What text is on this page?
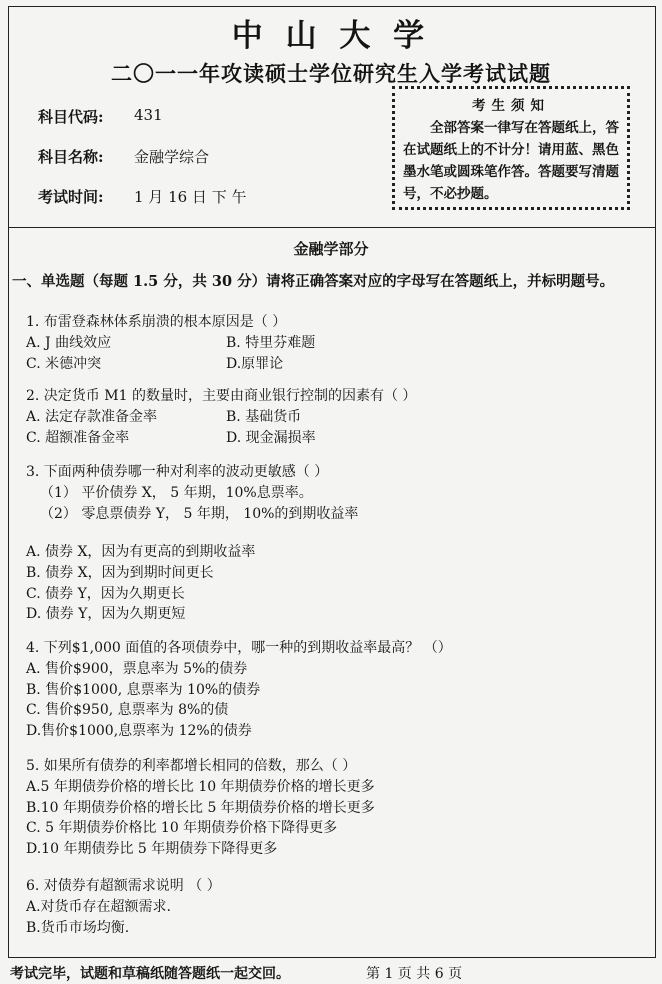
中 山 大 学
二〇一一年攻读硕士学位研究生入学考试试题
科目代码:	431
科目名称:	金融学综合
考试时间:	1 月 16 日 下 午
考生须知
全部答案一律写在答题纸上，答在试题纸上的不计分！请用蓝、黑色墨水笔或圆珠笔作答。答题要写清题号，不必抄题。
金融学部分
一、单选题（每题 1.5 分，共 30 分）请将正确答案对应的字母写在答题纸上，并标明题号。
1. 布雷登森林体系崩溃的根本原因是（ ）
A. J 曲线效应	B. 特里芬难题
C. 米德冲突	D.原罪论
2. 决定货币 M1 的数量时，主要由商业银行控制的因素有（ ）
A. 法定存款准备金率	B. 基础货币
C. 超额准备金率	D. 现金漏损率
3. 下面两种债券哪一种对利率的波动更敏感（ ）
（1） 平价债券 X， 5 年期，10%息票率。
（2） 零息票债券 Y， 5 年期， 10%的到期收益率
A. 债券 X，因为有更高的到期收益率
B. 债券 X，因为到期时间更长
C. 债券 Y，因为久期更长
D. 债券 Y，因为久期更短
4. 下列$1,000 面值的各项债券中，哪一种的到期收益率最高？ （）
A. 售价$900，票息率为 5%的债券
B. 售价$1000, 息票率为 10%的债券
C. 售价$950, 息票率为 8%的债
D.售价$1000,息票率为 12%的债券
5. 如果所有债券的利率都增长相同的倍数，那么（ ）
A.5 年期债券价格的增长比 10 年期债券价格的增长更多
B.10 年期债券价格的增长比 5 年期债券价格的增长更多
C. 5 年期债券价格比 10 年期债券价格下降得更多
D.10 年期债券比 5 年期债券下降得更多
6. 对债券有超额需求说明 （ ）
A.对货币存在超额需求.
B.货币市场均衡.
考试完毕，试题和草稿纸随答题纸一起交回。	第 1 页 共 6 页
